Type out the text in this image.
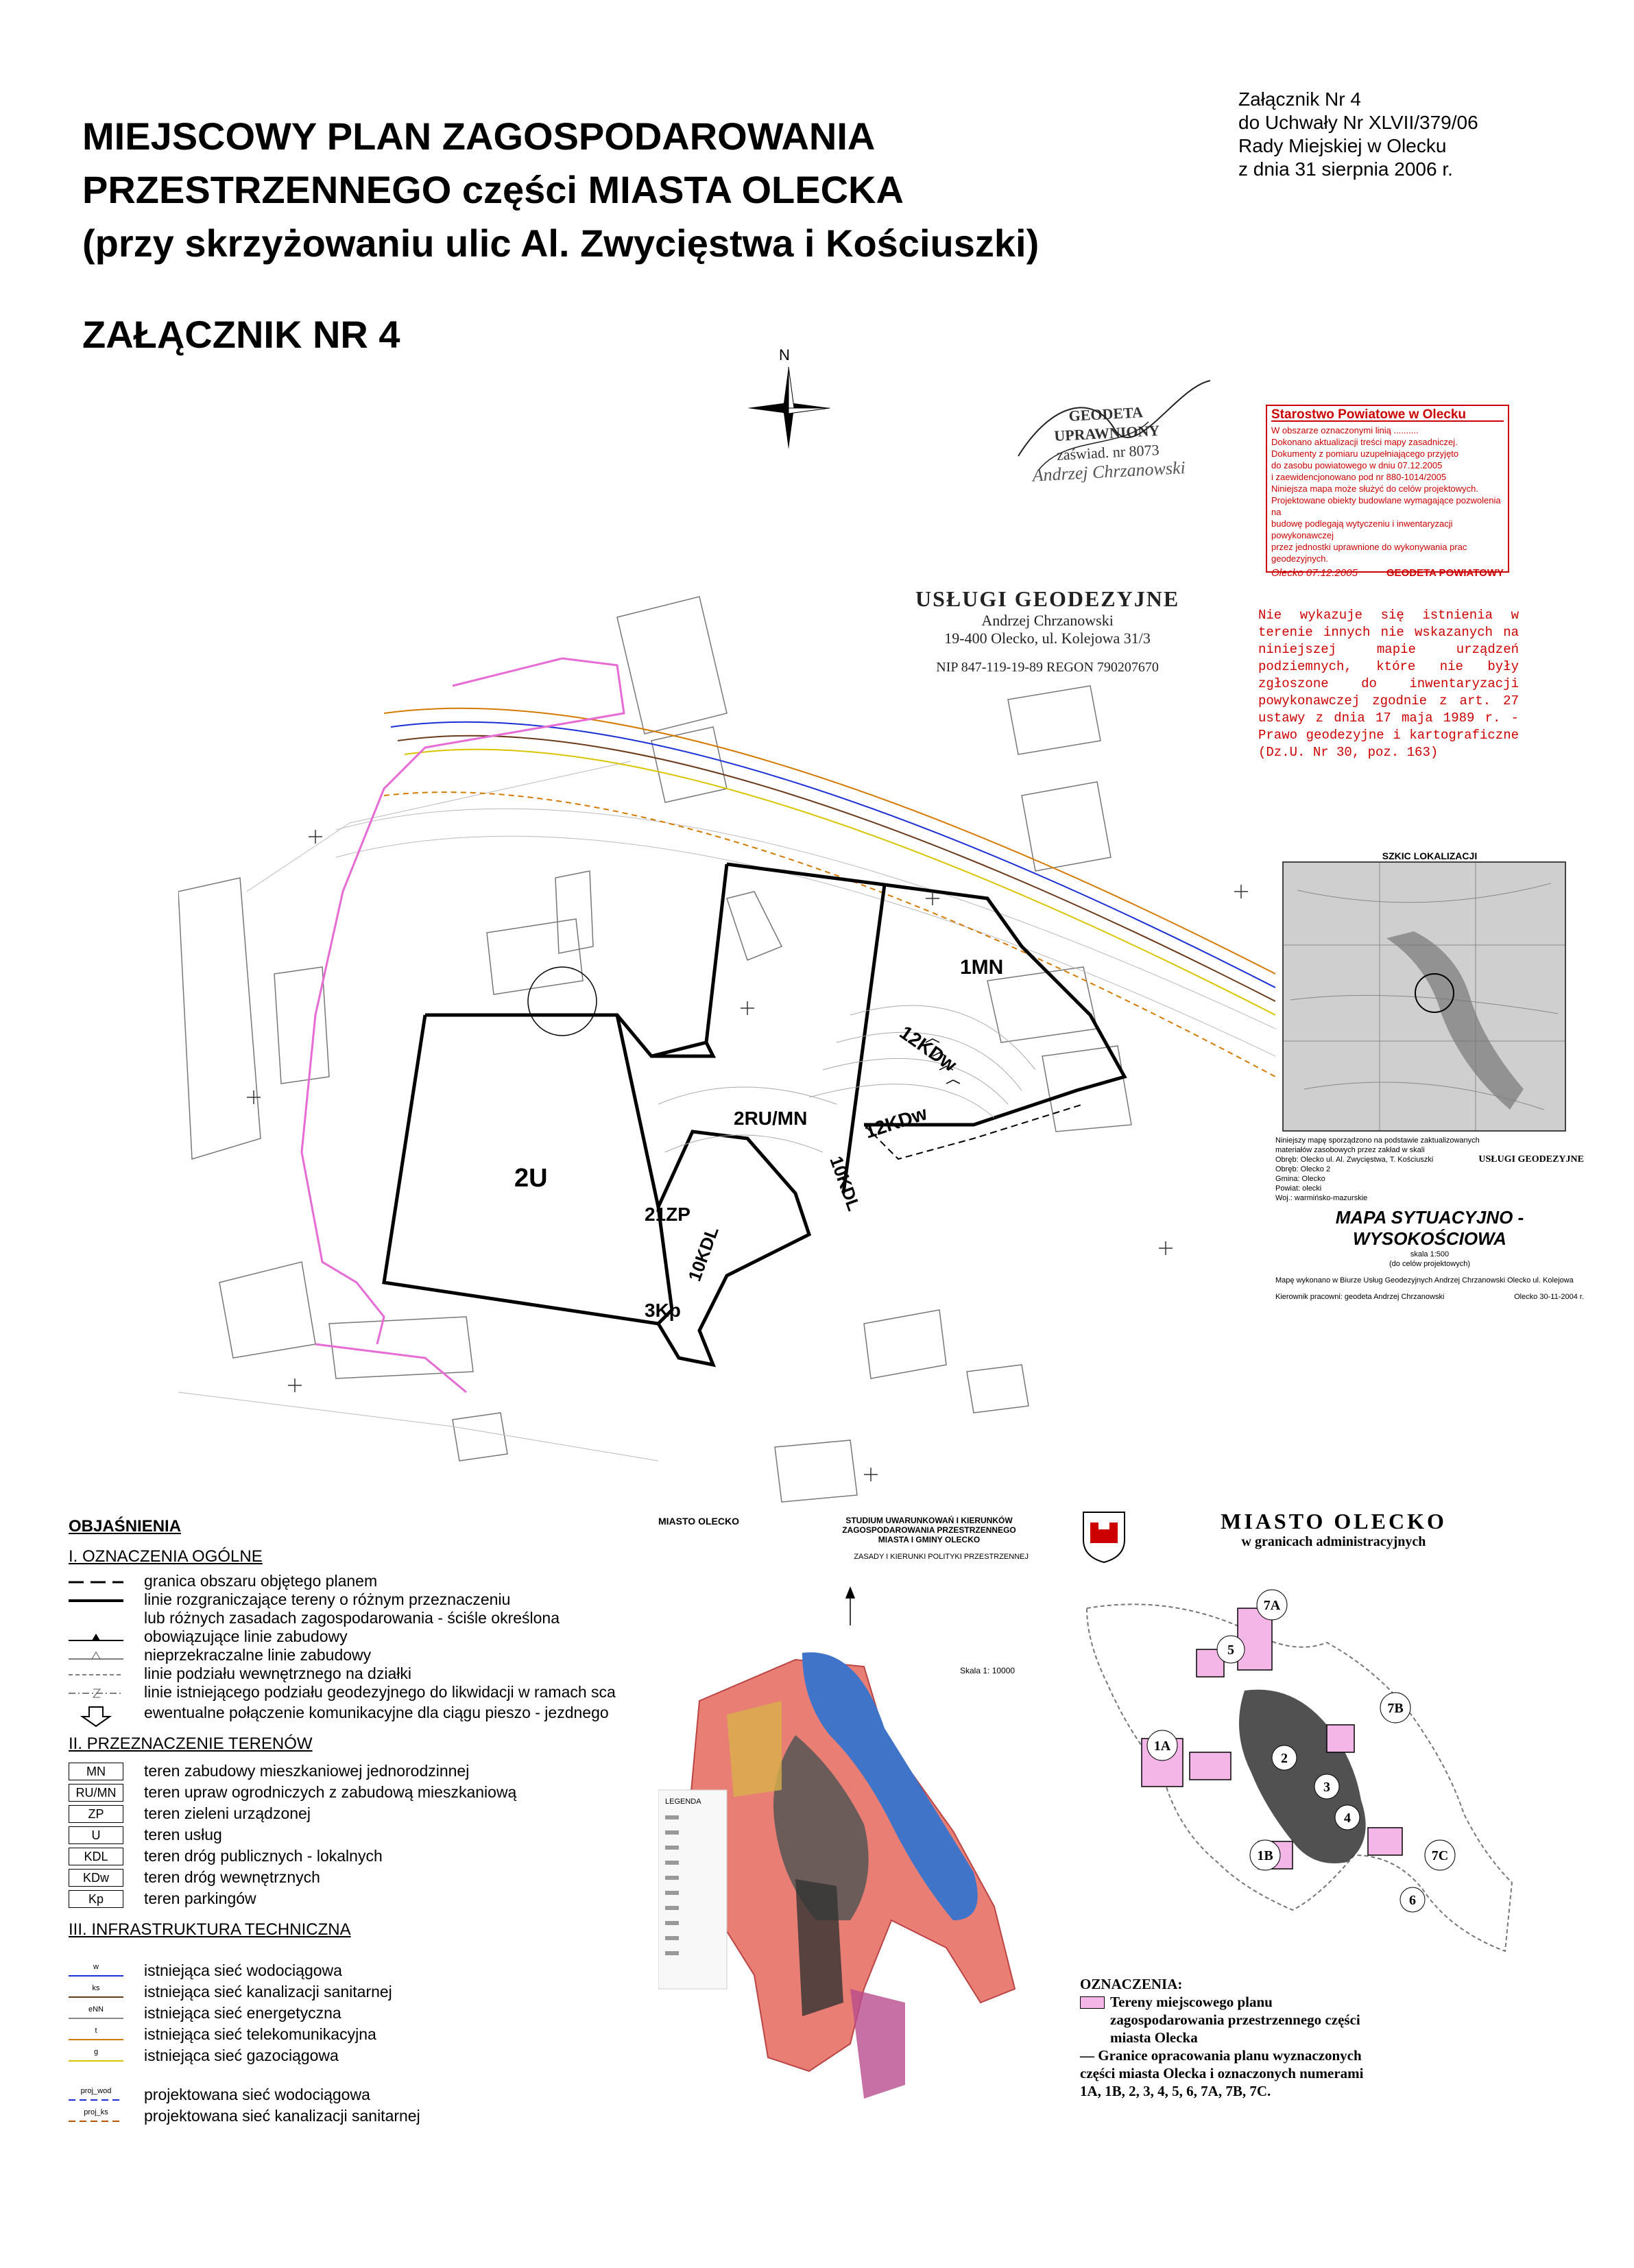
MIEJSCOWY PLAN ZAGOSPODAROWANIA
PRZESTRZENNEGO części MIASTA OLECKA
(przy skrzyżowaniu ulic Al. Zwycięstwa i Kościuszki)
ZAŁĄCZNIK NR 4
Załącznik Nr 4
do Uchwały Nr XLVII/379/06
Rady Miejskiej w Olecku
z dnia 31 sierpnia 2006 r.
N
GEODETA UPRAWNIONY
zaświad. nr 8073
Andrzej Chrzanowski
USŁUGI GEODEZYJNE
Andrzej Chrzanowski
19-400 Olecko, ul. Kolejowa 31/3
NIP 847-119-19-89 REGON 790207670
Starostwo Powiatowe w Olecku
W obszarze oznaczonymi linią ..........
Dokonano aktualizacji treści mapy zasadniczej.
Dokumenty z pomiaru uzupełniającego przyjęto
do zasobu powiatowego w dniu 07.12.2005
i zaewidencjonowano pod nr 880-1014/2005
Niniejsza mapa może służyć do celów projektowych.
Projektowane obiekty budowlane wymagające pozwolenia na
budowę podlegają wytyczeniu i inwentaryzacji powykonawczej
przez jednostki uprawnione do wykonywania prac geodezyjnych.
Olecko 07.12.2005	GEODETA POWIATOWY
Nie wykazuje się istnienia w terenie innych nie wskazanych na niniejszej mapie urządzeń podziemnych, które nie były zgłoszone do inwentaryzacji powykonawczej zgodnie z art. 27 ustawy z dnia 17 maja 1989 r. - Prawo geodezyjne i kartograficzne (Dz.U. Nr 30, poz. 163)
1MN
12KDw
12KDw
2RU/MN
2U
21ZP
10KDL
10KDL
3Kp
SZKIC LOKALIZACJI
Niniejszy mapę sporządzono na podstawie zaktualizowanych
materiałów zasobowych przez zakład w skali
Obręb: Olecko ul. Al. Zwycięstwa, T. Kościuszki
Obręb: Olecko 2
Gmina: Olecko
Powiat: olecki
Woj.: warmińsko-mazurskie
USŁUGI GEODEZYJNE
MAPA SYTUACYJNO - WYSOKOŚCIOWA
skala 1:500
(do celów projektowych)
Mapę wykonano w Biurze Usług Geodezyjnych Andrzej Chrzanowski Olecko ul. Kolejowa
Kierownik pracowni: geodeta Andrzej Chrzanowski	Olecko 30-11-2004 r.
OBJAŚNIENIA
I. OZNACZENIA OGÓLNE
granica obszaru objętego planem
linie rozgraniczające tereny o różnym przeznaczeniu
lub różnych zasadach zagospodarowania - ściśle określona
obowiązujące linie zabudowy
nieprzekraczalne linie zabudowy
linie podziału wewnętrznego na działki
linie istniejącego podziału geodezyjnego do likwidacji w ramach sca
ewentualne połączenie komunikacyjne dla ciągu pieszo - jezdnego
II. PRZEZNACZENIE TERENÓW
MN	teren zabudowy mieszkaniowej jednorodzinnej
RU/MN	teren upraw ogrodniczych z zabudową mieszkaniową
ZP	teren zieleni urządzonej
U	teren usług
KDL	teren dróg publicznych - lokalnych
KDw	teren dróg wewnętrznych
Kp	teren parkingów
III. INFRASTRUKTURA TECHNICZNA
w	istniejąca sieć wodociągowa
ks	istniejąca sieć kanalizacji sanitarnej
eNN	istniejąca sieć energetyczna
t	istniejąca sieć telekomunikacyjna
g	istniejąca sieć gazociągowa
proj_wod	projektowana sieć wodociągowa
proj_ks	projektowana sieć kanalizacji sanitarnej
MIASTO OLECKO	STUDIUM UWARUNKOWAŃ I KIERUNKÓW ZAGOSPODAROWANIA PRZESTRZENNEGO MIASTA I GMINY OLECKO
ZASADY I KIERUNKI POLITYKI PRZESTRZENNEJ
LEGENDA
Skala 1: 10000
MIASTO OLECKO
w granicach administracyjnych
7A
5
7B
1A
2
3
4
1B	7C
6
OZNACZENIA:
Tereny miejscowego planu zagospodarowania przestrzennego części miasta Olecka
— Granice opracowania planu wyznaczonych części miasta Olecka i oznaczonych numerami 1A, 1B, 2, 3, 4, 5, 6, 7A, 7B, 7C.
